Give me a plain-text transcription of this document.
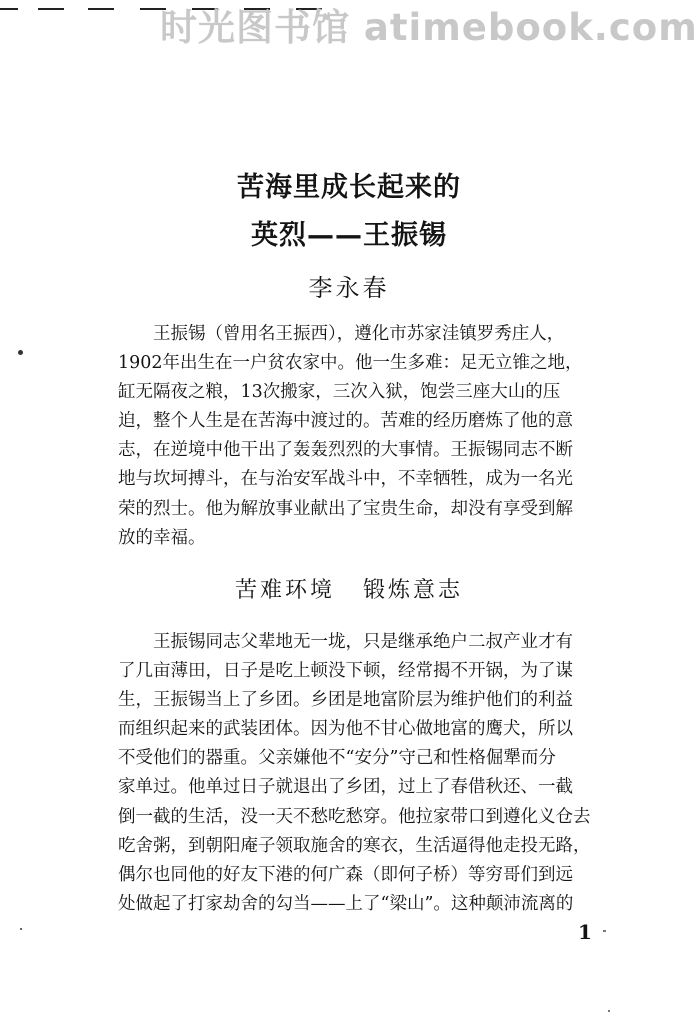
时光图书馆 atimebook.com
苦海里成长起来的
英烈——王振锡
李永春
王振锡（曾用名王振西），遵化市苏家洼镇罗秀庄人，
1902年出生在一户贫农家中。他一生多难：足无立锥之地，
缸无隔夜之粮，13次搬家，三次入狱，饱尝三座大山的压
迫，整个人生是在苦海中渡过的。苦难的经历磨炼了他的意
志，在逆境中他干出了轰轰烈烈的大事情。王振锡同志不断
地与坎坷搏斗，在与治安军战斗中，不幸牺牲，成为一名光
荣的烈士。他为解放事业献出了宝贵生命，却没有享受到解
放的幸福。
苦难环境 锻炼意志
王振锡同志父辈地无一垅，只是继承绝户二叔产业才有
了几亩薄田，日子是吃上顿没下顿，经常揭不开锅，为了谋
生，王振锡当上了乡团。乡团是地富阶层为维护他们的利益
而组织起来的武装团体。因为他不甘心做地富的鹰犬，所以
不受他们的器重。父亲嫌他不“安分”守己和性格倔犟而分
家单过。他单过日子就退出了乡团，过上了春借秋还、一截
倒一截的生活，没一天不愁吃愁穿。他拉家带口到遵化义仓去
吃舍粥，到朝阳庵子领取施舍的寒衣，生活逼得他走投无路，
偶尔也同他的好友下港的何广森（即何子桥）等穷哥们到远
处做起了打家劫舍的勾当——上了“梁山”。这种颠沛流离的
1
